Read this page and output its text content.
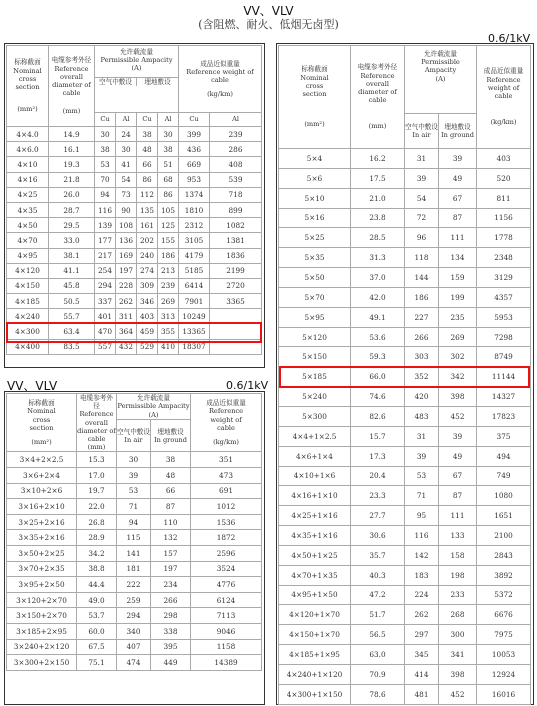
VV、VLV
(含阻燃、耐火、低烟无卤型)
0.6/1kV
VV、VLV	0.6/1kV
标称截面
Nominal cross section
(mm²)

电缆参考外径
Reference overall diameter of cable
(mm)

允许载流量
Permissible Ampacity
(A)
空气中敷设	埋地敷设

成品近似重量
Reference weight of cable
(kg/km)

Cu	Al	Cu	Al	Cu	Al
4×4.0	14.9	30	24	38	30	399	239
4×6.0	16.1	38	30	48	38	436	286
4×10	19.3	53	41	66	51	669	408
4×16	21.8	70	54	86	68	953	539
4×25	26.0	94	73	112	86	1374	718
4×35	28.7	116	90	135	105	1810	899
4×50	29.5	139	108	161	125	2312	1082
4×70	33.0	177	136	202	155	3105	1381
4×95	38.1	217	169	240	186	4179	1836
4×120	41.1	254	197	274	213	5185	2199
4×150	45.8	294	228	309	239	6414	2720
4×185	50.5	337	262	346	269	7901	3365
4×240	55.7	401	311	403	313	10249	
4×300	63.4	470	364	459	355	13365	
4×400	83.5	557	432	529	410	18307	
标称截面
Nominal cross section
(mm²)	电缆参考外径
Reference overall diameter of cable
(mm)	允许载流量
Permissible Ampacity
(A)		成品近似重量
Reference weight of cable
(kg/km)

		空气中敷设
In air	埋地敷设
In ground	

3×4+2×2.5	15.3	30	38	351
3×6+2×4	17.0	39	48	473
3×10+2×6	19.7	53	66	691
3×16+2×10	22.0	71	87	1012
3×25+2×16	26.8	94	110	1536
3×35+2×16	28.9	115	132	1872
3×50+2×25	34.2	141	157	2596
3×70+2×35	38.8	181	197	3524
3×95+2×50	44.4	222	234	4776
3×120+2×70	49.0	259	266	6124
3×150+2×70	53.7	294	298	7113
3×185+2×95	60.0	340	338	9046
3×240+2×120	67.5	407	395	1158
3×300+2×150	75.1	474	449	14389
标称截面
Nominal cross section
(mm²)	电缆参考外径
Reference overall diameter of cable
(mm)	允许载流量
Permissible Ampacity
(A)		成品近似重量
Reference weight of cable
(kg/km)

		空气中敷设
In air	埋地敷设
In ground	

5×4	16.2	31	39	403
5×6	17.5	39	49	520
5×10	21.0	54	67	811
5×16	23.8	72	87	1156
5×25	28.5	96	111	1778
5×35	31.3	118	134	2348
5×50	37.0	144	159	3129
5×70	42.0	186	199	4357
5×95	49.1	227	235	5953
5×120	53.6	266	269	7298
5×150	59.3	303	302	8749
5×185	66.0	352	342	11144
5×240	74.6	420	398	14327
5×300	82.6	483	452	17823
4×4+1×2.5	15.7	31	39	375
4×6+1×4	17.3	39	49	494
4×10+1×6	20.4	53	67	749
4×16+1×10	23.3	71	87	1080
4×25+1×16	27.7	95	111	1651
4×35+1×16	30.6	116	133	2100
4×50+1×25	35.7	142	158	2843
4×70+1×35	40.3	183	198	3892
4×95+1×50	47.2	224	233	5372
4×120+1×70	51.7	262	268	6676
4×150+1×70	56.5	297	300	7975
4×185+1×95	63.0	345	341	10053
4×240+1×120	70.9	414	398	12924
4×300+1×150	78.6	481	452	16016
